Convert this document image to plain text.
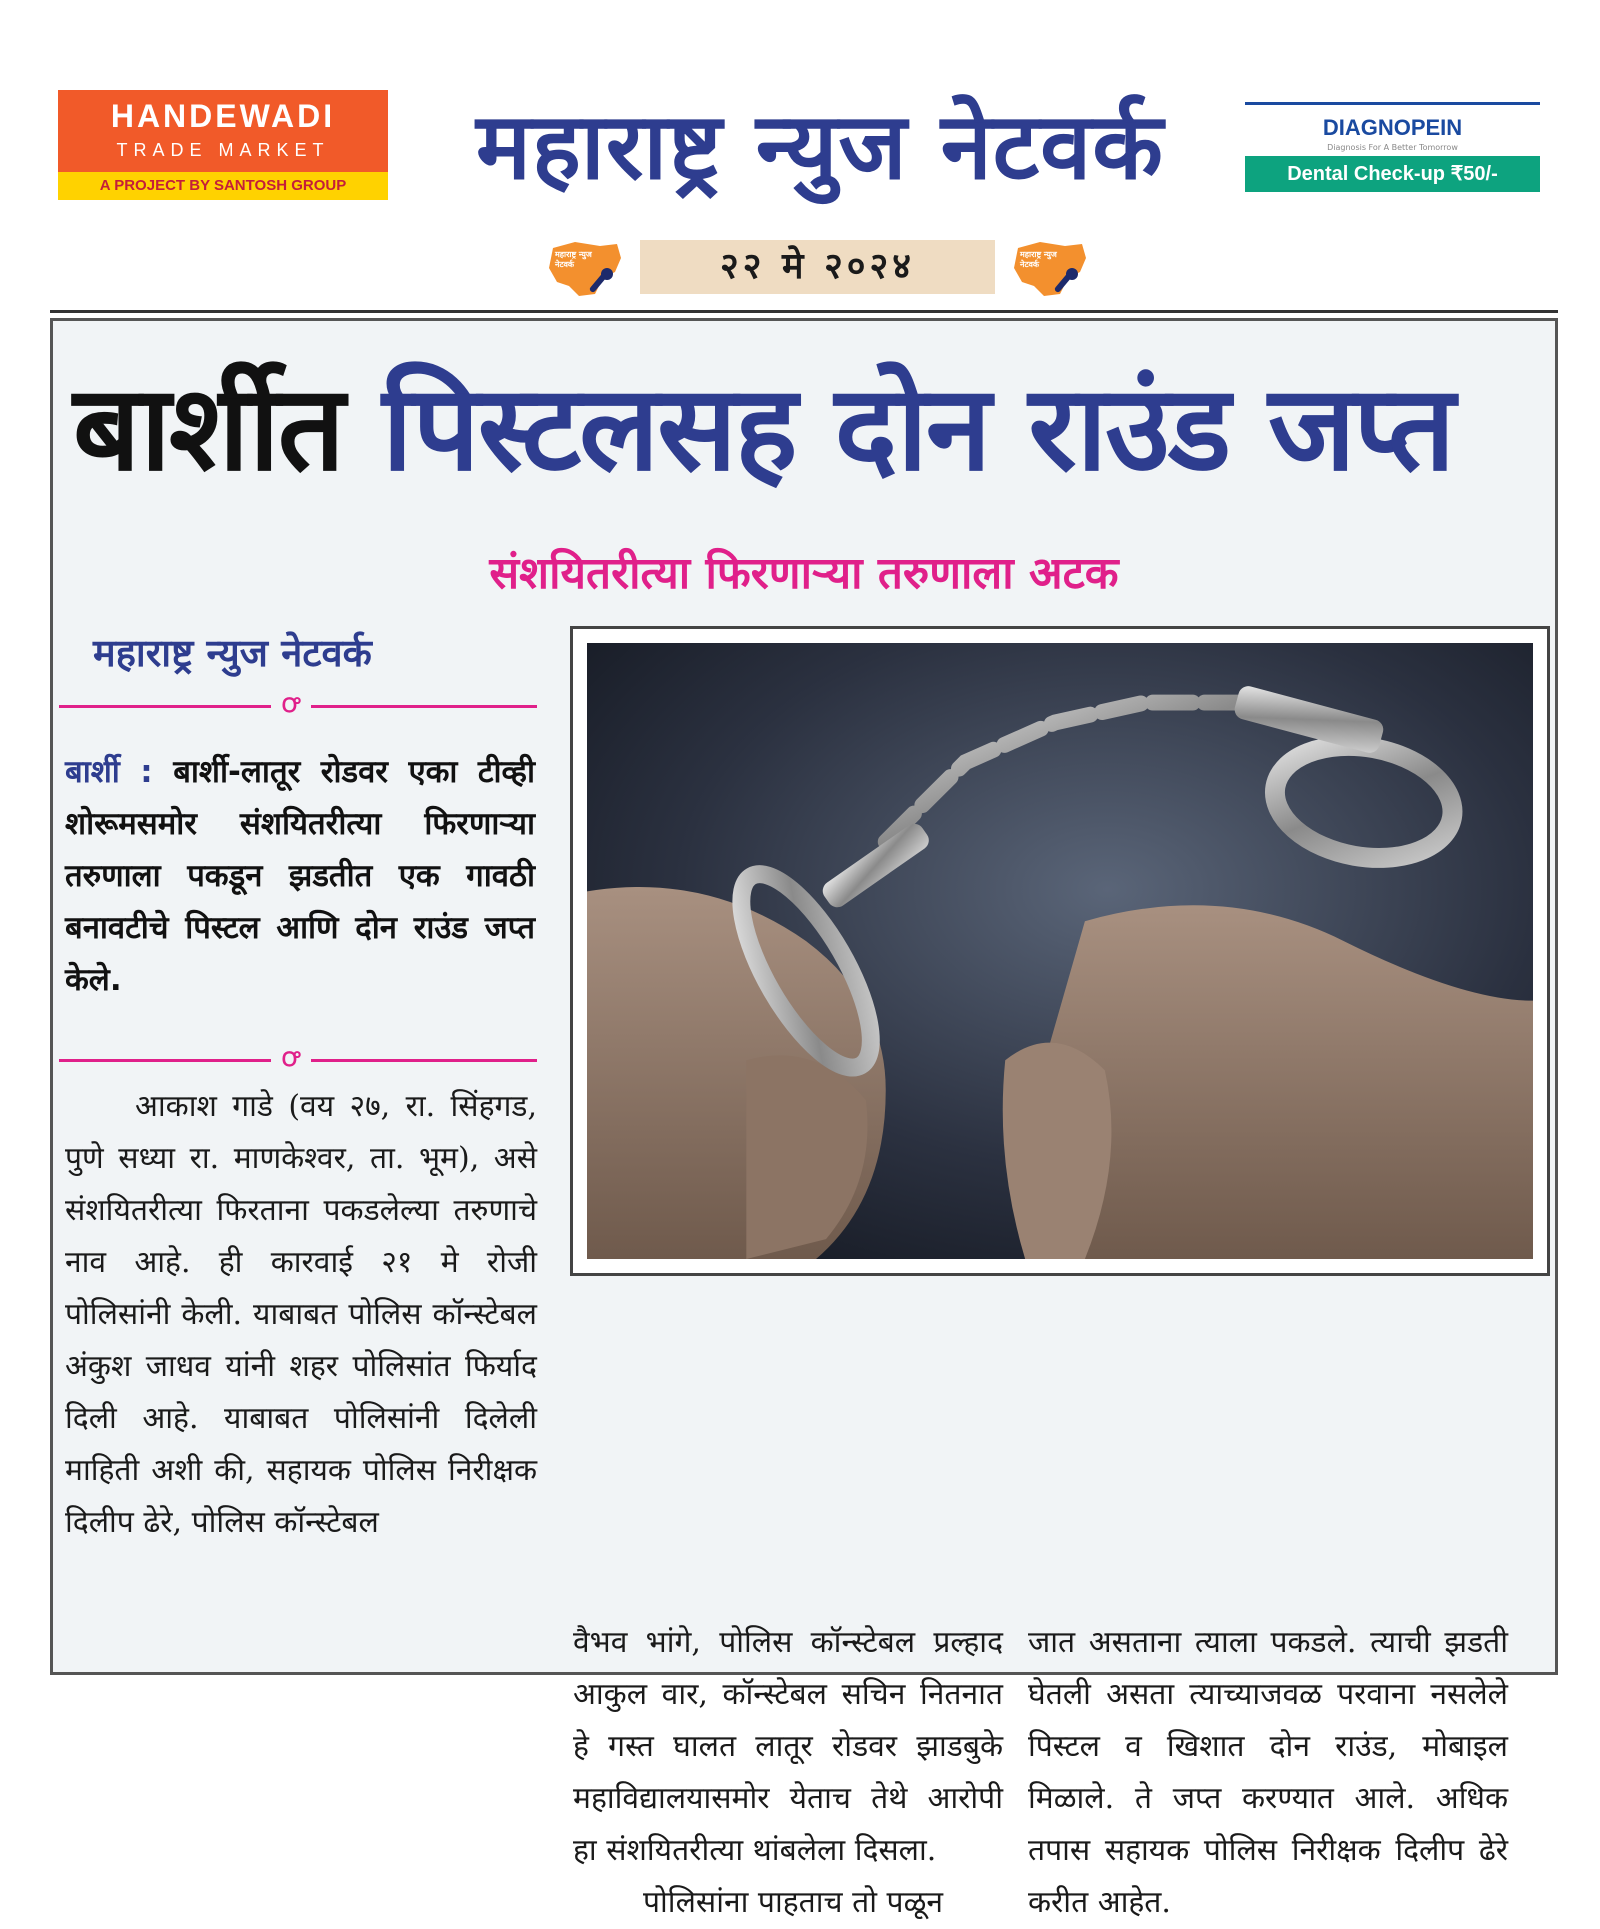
HANDEWADI
TRADE MARKET
A PROJECT BY SANTOSH GROUP	महाराष्ट्र न्युज नेटवर्क	DIAGNOPEIN
Diagnosis For A Better Tomorrow
Dental Check-up ₹50/-
महाराष्ट्र न्युज नेटवर्क	२२ मे २०२४	महाराष्ट्र न्युज नेटवर्क
बार्शीत पिस्टलसह दोन राउंड जप्त
संशयितरीत्या फिरणाऱ्या तरुणाला अटक
महाराष्ट्र न्युज नेटवर्क
Ꝍ
बार्शी : बार्शी-लातूर रोडवर एका टीव्ही शोरूमसमोर संशयितरीत्या फिरणाऱ्या तरुणाला पकडून झडतीत एक गावठी बनावटीचे पिस्टल आणि दोन राउंड जप्त केले.
Ꝍ
आकाश गाडे (वय २७, रा. सिंहगड, पुणे सध्या रा. माणकेश्वर, ता. भूम), असे संशयितरीत्या फिरताना पकडलेल्या तरुणाचे नाव आहे. ही कारवाई २१ मे रोजी पोलिसांनी केली. याबाबत पोलिस कॉन्स्टेबल अंकुश जाधव यांनी शहर पोलिसांत फिर्याद दिली आहे. याबाबत पोलिसांनी दिलेली माहिती अशी की, सहायक पोलिस निरीक्षक दिलीप ढेरे, पोलिस कॉन्स्टेबल

वैभव भांगे, पोलिस कॉन्स्टेबल प्रल्हाद आकुल वार, कॉन्स्टेबल सचिन नितनात हे गस्त घालत लातूर रोडवर झाडबुके महाविद्यालयासमोर येताच तेथे आरोपी हा संशयितरीत्या थांबलेला दिसला.

पोलिसांना पाहताच तो पळून

जात असताना त्याला पकडले. त्याची झडती घेतली असता त्याच्याजवळ परवाना नसलेले पिस्टल व खिशात दोन राउंड, मोबाइल मिळाले. ते जप्त करण्यात आले. अधिक तपास सहायक पोलिस निरीक्षक दिलीप ढेरे करीत आहेत.
